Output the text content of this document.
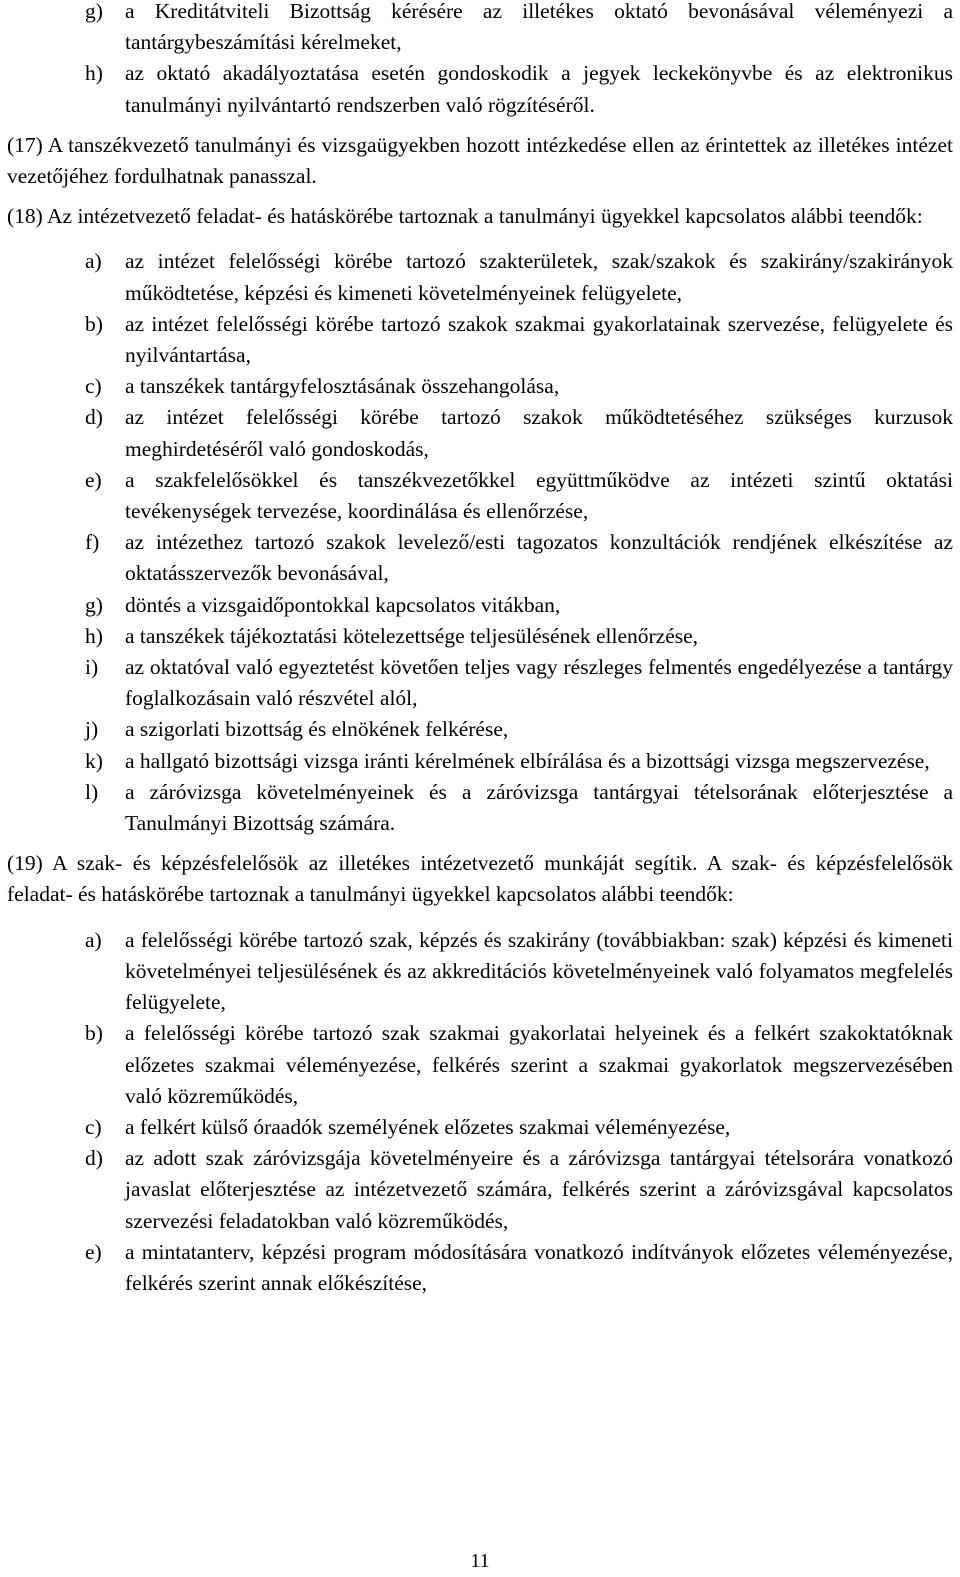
g)	a Kreditátviteli Bizottság kérésére az illetékes oktató bevonásával véleményezi a tantárgybeszámítási kérelmeket,
h)	az oktató akadályoztatása esetén gondoskodik a jegyek leckekönyvbe és az elektronikus tanulmányi nyilvántartó rendszerben való rögzítéséről.
(17) A tanszékvezető tanulmányi és vizsgaügyekben hozott intézkedése ellen az érintettek az illetékes intézet vezetőjéhez fordulhatnak panasszal.
(18) Az intézetvezető feladat- és hatáskörébe tartoznak a tanulmányi ügyekkel kapcsolatos alábbi teendők:
a)	az intézet felelősségi körébe tartozó szakterületek, szak/szakok és szakirány/szakirányok működtetése, képzési és kimeneti követelményeinek felügyelete,
b)	az intézet felelősségi körébe tartozó szakok szakmai gyakorlatainak szervezése, felügyelete és nyilvántartása,
c)	a tanszékek tantárgyfelosztásának összehangolása,
d)	az intézet felelősségi körébe tartozó szakok működtetéséhez szükséges kurzusok meghirdetéséről való gondoskodás,
e)	a szakfelelősökkel és tanszékvezetőkkel együttműködve az intézeti szintű oktatási tevékenységek tervezése, koordinálása és ellenőrzése,
f)	az intézethez tartozó szakok levelező/esti tagozatos konzultációk rendjének elkészítése az oktatásszervezők bevonásával,
g)	döntés a vizsgaidőpontokkal kapcsolatos vitákban,
h)	a tanszékek tájékoztatási kötelezettsége teljesülésének ellenőrzése,
i)	az oktatóval való egyeztetést követően teljes vagy részleges felmentés engedélyezése a tantárgy foglalkozásain való részvétel alól,
j)	a szigorlati bizottság és elnökének felkérése,
k)	a hallgató bizottsági vizsga iránti kérelmének elbírálása és a bizottsági vizsga megszervezése,
l)	a záróvizsga követelményeinek és a záróvizsga tantárgyai tételsorának előterjesztése a Tanulmányi Bizottság számára.
(19) A szak- és képzésfelelősök az illetékes intézetvezető munkáját segítik. A szak- és képzésfelelősök feladat- és hatáskörébe tartoznak a tanulmányi ügyekkel kapcsolatos alábbi teendők:
a)	a felelősségi körébe tartozó szak, képzés és szakirány (továbbiakban: szak) képzési és kimeneti követelményei teljesülésének és az akkreditációs követelményeinek való folyamatos megfelelés felügyelete,
b)	a felelősségi körébe tartozó szak szakmai gyakorlatai helyeinek és a felkért szakoktatóknak előzetes szakmai véleményezése, felkérés szerint a szakmai gyakorlatok megszervezésében való közreműködés,
c)	a felkért külső óraadók személyének előzetes szakmai véleményezése,
d)	az adott szak záróvizsgája követelményeire és a záróvizsga tantárgyai tételsorára vonatkozó javaslat előterjesztése az intézetvezető számára, felkérés szerint a záróvizsgával kapcsolatos szervezési feladatokban való közreműködés,
e)	a mintatanterv, képzési program módosítására vonatkozó indítványok előzetes véleményezése, felkérés szerint annak előkészítése,
11
